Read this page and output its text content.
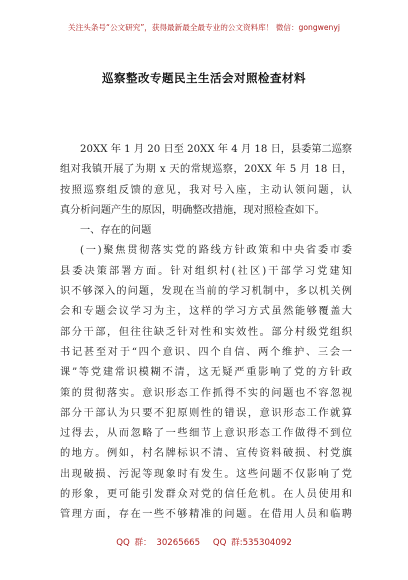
关注头条号“公文研究”，获得最新最全最专业的公文资料库！ 微信：gongwenyj
巡察整改专题民主生活会对照检查材料
20XX 年 1 月 20 日至 20XX 年 4 月 18 日，县委第二巡察
组对我镇开展了为期 x 天的常规巡察，20XX 年 5 月 18 日，
按照巡察组反馈的意见，我对号入座，主动认领问题，认
真分析问题产生的原因，明确整改措施，现对照检查如下。
一、存在的问题
(一)聚焦贯彻落实党的路线方针政策和中央省委市委
县委决策部署方面。针对组织村(社区)干部学习党建知
识不够深入的问题，发现在当前的学习机制中，多以机关例
会和专题会议学习为主，这样的学习方式虽然能够覆盖大
部分干部，但往往缺乏针对性和实效性。部分村级党组织
书记甚至对于“四个意识、四个自信、两个维护、三会一
课”等党建常识模糊不清，这无疑严重影响了党的方针政
策的贯彻落实。意识形态工作抓得不实的问题也不容忽视
部分干部认为只要不犯原则性的错误，意识形态工作就算
过得去，从而忽略了一些细节上意识形态工作做得不到位
的地方。例如，村名牌标识不清、宣传资料破损、村党旗
出现破损、污泥等现象时有发生。这些问题不仅影响了党
的形象，更可能引发群众对党的信任危机。在人员使用和
管理方面，存在一些不够精准的问题。在借用人员和临聘
QQ 群： 30265665 QQ 群:535304092
